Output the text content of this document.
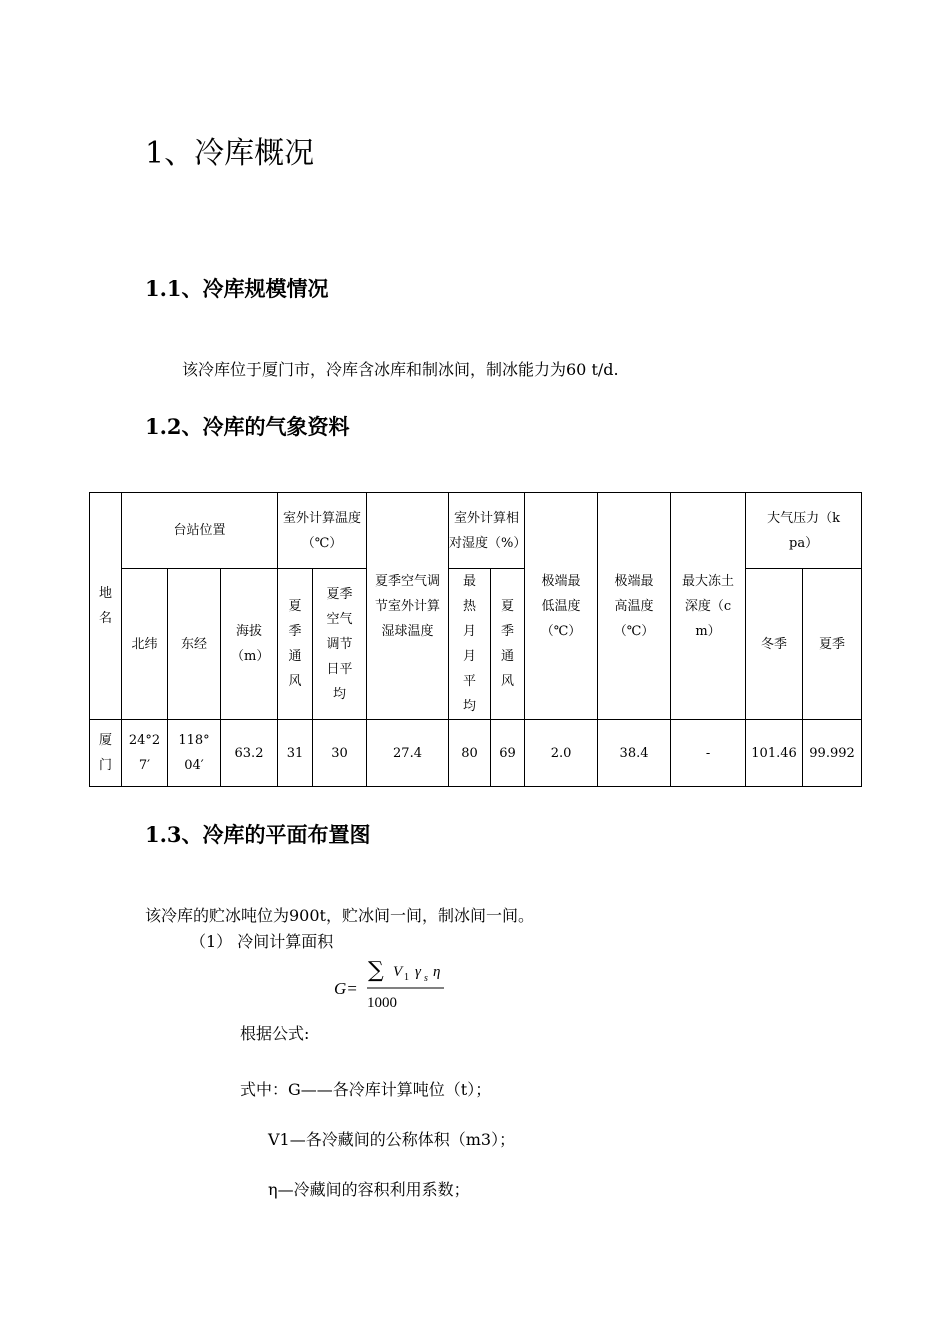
1、冷库概况
1.1、冷库规模情况
该冷库位于厦门市，冷库含冰库和制冰间，制冰能力为60 t/d.
1.2、冷库的气象资料
地名	台站位置			室外计算温度（℃）		夏季空气调节室外计算湿球温度	室外计算相对湿度（%）		极端最低温度（℃）	极端最高温度（℃）	最大冻土深度（cm）	大气压力（kpa）	
	北纬	东经	海拔（m）	夏季通风	夏季空气调节日平均		最热月月平均	夏季通风				冬季	夏季
厦门	24°27′	118°04′	63.2	31	30	27.4	80	69	2.0	38.4	-	101.46	99.992
1.3、冷库的平面布置图
该冷库的贮冰吨位为900t，贮冰间一间，制冰间一间。
（1） 冷间计算面积
G=
∑ V 1 γ s η
1000
根据公式:
式中：G——各冷库计算吨位（t）；
V1—各冷藏间的公称体积（m3）；
η—冷藏间的容积利用系数；
